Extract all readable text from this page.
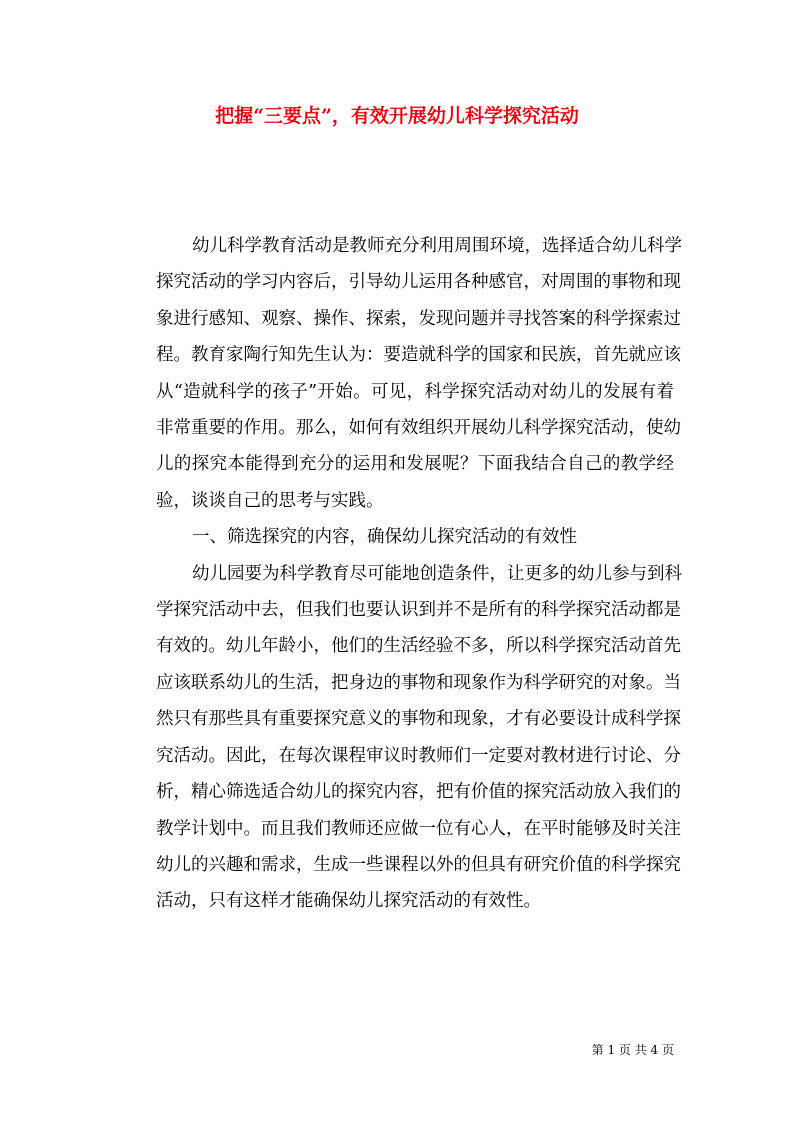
把握“三要点”，有效开展幼儿科学探究活动
幼儿科学教育活动是教师充分利用周围环境，选择适合幼儿科学
探究活动的学习内容后，引导幼儿运用各种感官，对周围的事物和现
象进行感知、观察、操作、探索，发现问题并寻找答案的科学探索过
程。教育家陶行知先生认为：要造就科学的国家和民族，首先就应该
从“造就科学的孩子”开始。可见，科学探究活动对幼儿的发展有着
非常重要的作用。那么，如何有效组织开展幼儿科学探究活动，使幼
儿的探究本能得到充分的运用和发展呢？下面我结合自己的教学经
验，谈谈自己的思考与实践。
一、筛选探究的内容，确保幼儿探究活动的有效性
幼儿园要为科学教育尽可能地创造条件，让更多的幼儿参与到科
学探究活动中去，但我们也要认识到并不是所有的科学探究活动都是
有效的。幼儿年龄小，他们的生活经验不多，所以科学探究活动首先
应该联系幼儿的生活，把身边的事物和现象作为科学研究的对象。当
然只有那些具有重要探究意义的事物和现象，才有必要设计成科学探
究活动。因此，在每次课程审议时教师们一定要对教材进行讨论、分
析，精心筛选适合幼儿的探究内容，把有价值的探究活动放入我们的
教学计划中。而且我们教师还应做一位有心人，在平时能够及时关注
幼儿的兴趣和需求，生成一些课程以外的但具有研究价值的科学探究
活动，只有这样才能确保幼儿探究活动的有效性。
第 1 页 共 4 页
